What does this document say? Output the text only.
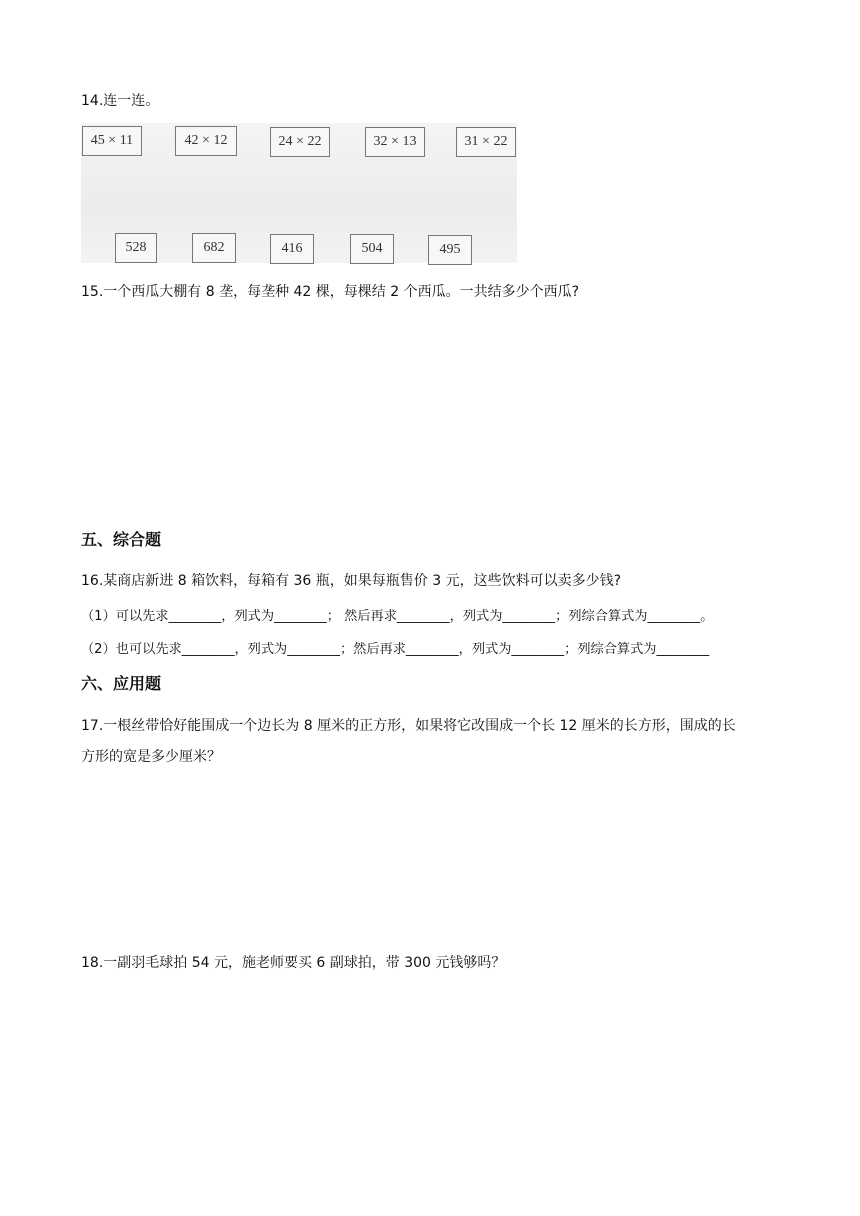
14.连一连。
45 × 11	42 × 12	24 × 22	32 × 13	31 × 22
528	682	416	504	495
15.一个西瓜大棚有 8 垄，每垄种 42 棵，每棵结 2 个西瓜。一共结多少个西瓜?
五、综合题
16.某商店新进 8 箱饮料，每箱有 36 瓶，如果每瓶售价 3 元，这些饮料可以卖多少钱?
（1）可以先求________，列式为________； 然后再求________，列式为________；列综合算式为________。
（2）也可以先求________，列式为________；然后再求________，列式为________；列综合算式为________
六、应用题
17.一根丝带恰好能围成一个边长为 8 厘米的正方形，如果将它改围成一个长 12 厘米的长方形，围成的长
方形的宽是多少厘米？
18.一副羽毛球拍 54 元，施老师要买 6 副球拍，带 300 元钱够吗？
